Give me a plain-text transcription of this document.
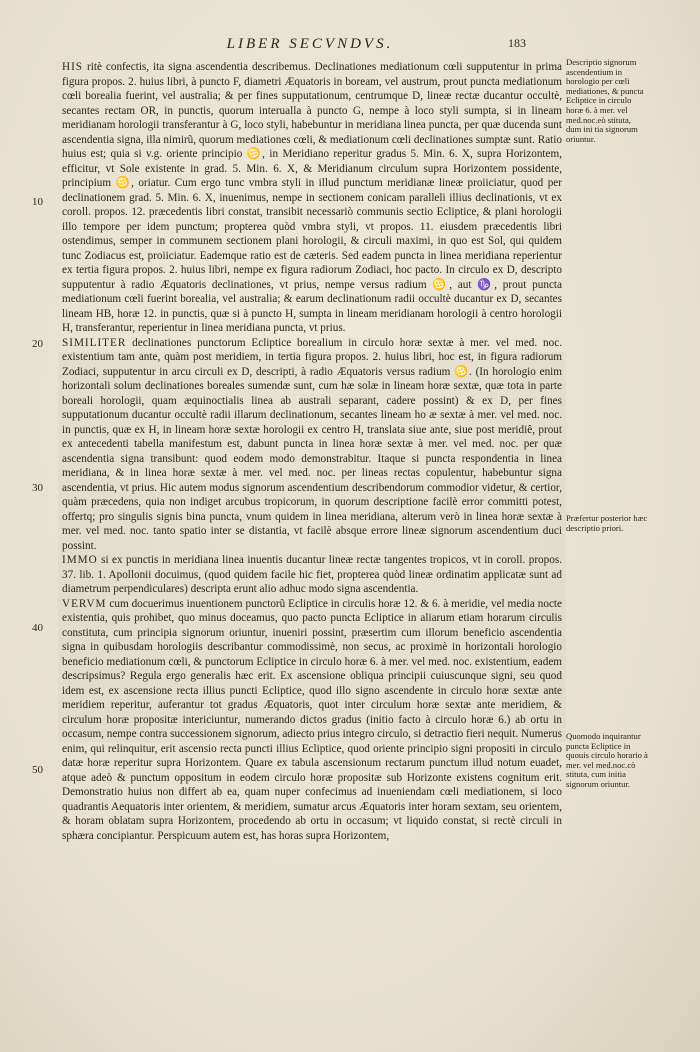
LIBER SECVNDVS.	183
10
20
30
40
50
Descriptio signorum ascendentium in horologio per cœli mediationes, & puncta Ecliptice in circulo horæ 6. à mer. vel med.noc.eò stituta, dum ini tia signorum oriuntur.
Præfertur posterior hæc descriptio priori.
Quomodo inquirantur puncta Ecliptice in quouis circulo horario à mer. vel med.noc.cò stituta, cum initia signorum oriuntur.

HIS ritè confectis, ita signa ascendentia describemus. Declinationes mediationum cœli supputentur in prima figura propos. 2. huius libri, à puncto F, diametri Æquatoris in boream, vel austrum, prout puncta mediationum cœli borealia fuerint, vel australia; & per fines supputationum, centrumque D, lineæ rectæ ducantur occultè, secantes rectam OR, in punctis, quorum interualla à puncto G, nempe à loco styli sumpta, si in lineam meridianam horologii transferantur à G, loco styli, habebuntur in meridiana linea puncta, per quæ ducenda sunt ascendentia signa, illa nimirũ, quorum mediationes cœli, & mediationum cœli declinationes sumptæ sunt. Ratio huius est; quia si v.g. oriente principio ♋, in Meridiano reperitur gradus 5. Min. 6. X, supra Horizontem, efficitur, vt Sole existente in grad. 5. Min. 6. X, & Meridianum circulum supra Horizontem possidente, principium ♋, oriatur. Cum ergo tunc vmbra styli in illud punctum meridianæ lineæ proiiciatur, quod per declinationem grad. 5. Min. 6. X, inuenimus, nempe in sectionem conicam paralleli illius declinationis, vt ex coroll. propos. 12. præcedentis libri constat, transibit necessariò communis sectio Ecliptice, & plani horologii illo tempore per idem punctum; propterea quòd vmbra styli, vt propos. 11. eiusdem præcedentis libri ostendimus, semper in communem sectionem plani horologii, & circuli maximi, in quo est Sol, qui quidem tunc Zodiacus est, proiiciatur. Eademque ratio est de cæteris. Sed eadem puncta in linea meridiana reperientur ex tertia figura propos. 2. huius libri, nempe ex figura radiorum Zodiaci, hoc pacto. In circulo ex D, descripto supputentur à radio Æquatoris declinationes, vt prius, nempe versus radium ♋, aut ♑, prout puncta mediationum cœli fuerint borealia, vel australia; & earum declinationum radii occultè ducantur ex D, secantes lineam HB, horæ 12. in punctis, quæ si à puncto H, sumpta in lineam meridianam horologii à centro horologii H, transferantur, reperientur in linea meridiana puncta, vt prius.

SIMILITER declinationes punctorum Ecliptice borealium in circulo horæ sextæ à mer. vel med. noc. existentium tam ante, quàm post meridiem, in tertia figura propos. 2. huius libri, hoc est, in figura radiorum Zodiaci, supputentur in arcu circuli ex D, descripti, à radio Æquatoris versus radium ♋. (In horologio enim horizontali solum declinationes boreales sumendæ sunt, cum hæ solæ in lineam horæ sextæ, quæ tota in parte boreali horologii, quam æquinoctialis linea ab australi separant, cadere possint) & ex D, per fines supputationum ducantur occultè radii illarum declinationum, secantes lineam ho æ sextæ à mer. vel med. noc. in punctis, quæ ex H, in lineam horæ sextæ horologii ex centro H, translata siue ante, siue post meridiê, prout ex antecedenti tabella manifestum est, dabunt puncta in linea horæ sextæ à mer. vel med. noc. per quæ ascendentia signa transibunt: quod eodem modo demonstrabitur. Itaque si puncta respondentia in linea meridiana, & in linea horæ sextæ à mer. vel med. noc. per lineas rectas copulentur, habebuntur signa ascendentia, vt prius. Hic autem modus signorum ascendentium describendorum commodior videtur, & certior, quàm præcedens, quia non indiget arcubus tropicorum, in quorum descriptione facilè error committi potest, offertq; pro singulis signis bina puncta, vnum quidem in linea meridiana, alterum verò in linea horæ sextæ à mer. vel med. noc. tanto spatio inter se distantia, vt facilè absque errore lineæ signorum ascendentium duci possint.

IMMO si ex punctis in meridiana linea inuentis ducantur lineæ rectæ tangentes tropicos, vt in coroll. propos. 37. lib. 1. Apollonii docuimus, (quod quidem facile hic fiet, propterea quòd lineæ ordinatim applicatæ sunt ad diametrum perpendiculares) descripta erunt alio adhuc modo signa ascendentia.

VERVM cum docuerimus inuentionem punctorũ Ecliptice in circulis horæ 12. & 6. à meridie, vel media nocte existentia, quis prohibet, quo minus doceamus, quo pacto puncta Ecliptice in aliarum etiam horarum circulis constituta, cum principia signorum oriuntur, inueniri possint, præsertim cum illorum beneficio ascendentia signa in quibusdam horologiis describantur commodissimè, non secus, ac proximè in horizontali horologio beneficio mediationum cœli, & punctorum Ecliptice in circulo horæ 6. à mer. vel med. noc. existentium, eadem descripsimus? Regula ergo generalis hæc erit. Ex ascensione obliqua principii cuiuscunque signi, seu quod idem est, ex ascensione recta illius puncti Ecliptice, quod illo signo ascendente in circulo horæ sextæ ante meridiem reperitur, auferantur tot gradus Æquatoris, quot inter circulum horæ sextæ ante meridiem, & circulum horæ propositæ intericiuntur, numerando dictos gradus (initio facto à circulo horæ 6.) ab ortu in occasum, nempe contra successionem signorum, adiecto prius integro circulo, si detractio fieri nequit. Numerus enim, qui relinquitur, erit ascensio recta puncti illius Ecliptice, quod oriente principio signi propositi in circulo datæ horæ reperitur supra Horizontem. Quare ex tabula ascensionum rectarum punctum illud notum euadet, atque adeò & punctum oppositum in eodem circulo horæ propositæ sub Horizonte existens cognitum erit. Demonstratio huius non differt ab ea, quam nuper confecimus ad inueniendam cœli mediationem, si loco quadrantis Aequatoris inter orientem, & meridiem, sumatur arcus Æquatoris inter horam sextam, seu orientem, & horam oblatam supra Horizontem, procedendo ab ortu in occasum; vt liquido constat, si rectè circuli in sphæra concipiantur. Perspicuum autem est, has horas supra Horizontem,
